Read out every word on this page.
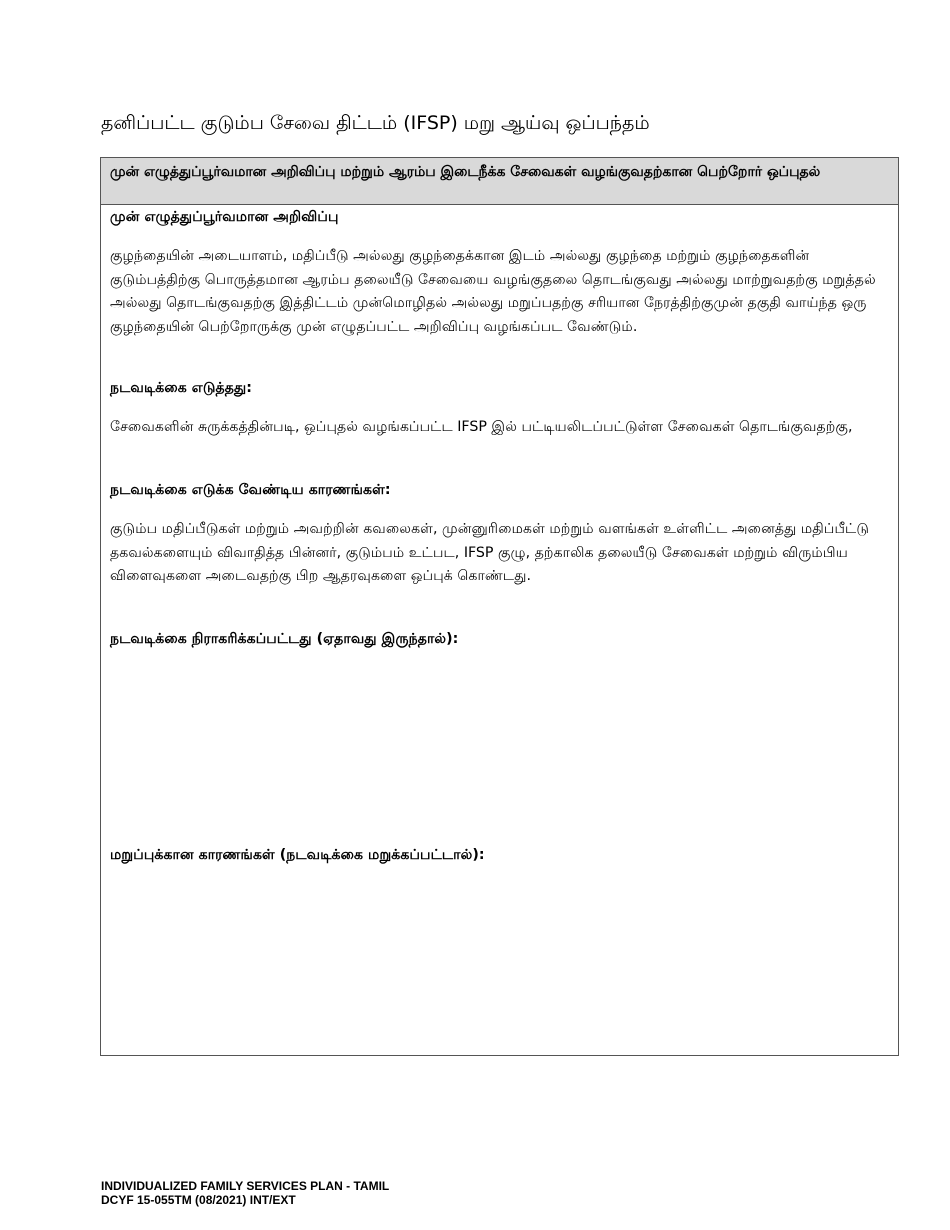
தனிப்பட்ட குடும்ப சேவை திட்டம் (IFSP) மறு ஆய்வு ஒப்பந்தம்
முன் எழுத்துப்பூர்வமான அறிவிப்பு மற்றும் ஆரம்ப இடைநீக்க சேவைகள் வழங்குவதற்கான பெற்றோர் ஒப்புதல்
முன் எழுத்துப்பூர்வமான அறிவிப்பு
குழந்தையின் அடையாளம், மதிப்பீடு அல்லது குழந்தைக்கான இடம் அல்லது குழந்தை மற்றும் குழந்தைகளின் குடும்பத்திற்கு பொருத்தமான ஆரம்ப தலையீடு சேவையை வழங்குதலை தொடங்குவது அல்லது மாற்றுவதற்கு மறுத்தல் அல்லது தொடங்குவதற்கு இத்திட்டம் முன்மொழிதல் அல்லது மறுப்பதற்கு சரியான நேரத்திற்குமுன் தகுதி வாய்ந்த ஒரு குழந்தையின் பெற்றோருக்கு முன் எழுதப்பட்ட அறிவிப்பு வழங்கப்பட வேண்டும்.
நடவடிக்கை எடுத்தது:
சேவைகளின் சுருக்கத்தின்படி, ஒப்புதல் வழங்கப்பட்ட IFSP இல் பட்டியலிடப்பட்டுள்ள சேவைகள் தொடங்குவதற்கு,
நடவடிக்கை எடுக்க வேண்டிய காரணங்கள்:
குடும்ப மதிப்பீடுகள் மற்றும் அவற்றின் கவலைகள், முன்னுரிமைகள் மற்றும் வளங்கள் உள்ளிட்ட அனைத்து மதிப்பீட்டு தகவல்களையும் விவாதித்த பின்னர், குடும்பம் உட்பட, IFSP குழு, தற்காலிக தலையீடு சேவைகள் மற்றும் விரும்பிய விளைவுகளை அடைவதற்கு பிற ஆதரவுகளை ஒப்புக் கொண்டது.
நடவடிக்கை நிராகரிக்கப்பட்டது (ஏதாவது இருந்தால்):
மறுப்புக்கான காரணங்கள் (நடவடிக்கை மறுக்கப்பட்டால்):
INDIVIDUALIZED FAMILY SERVICES PLAN - TAMIL
DCYF 15-055TM (08/2021) INT/EXT
